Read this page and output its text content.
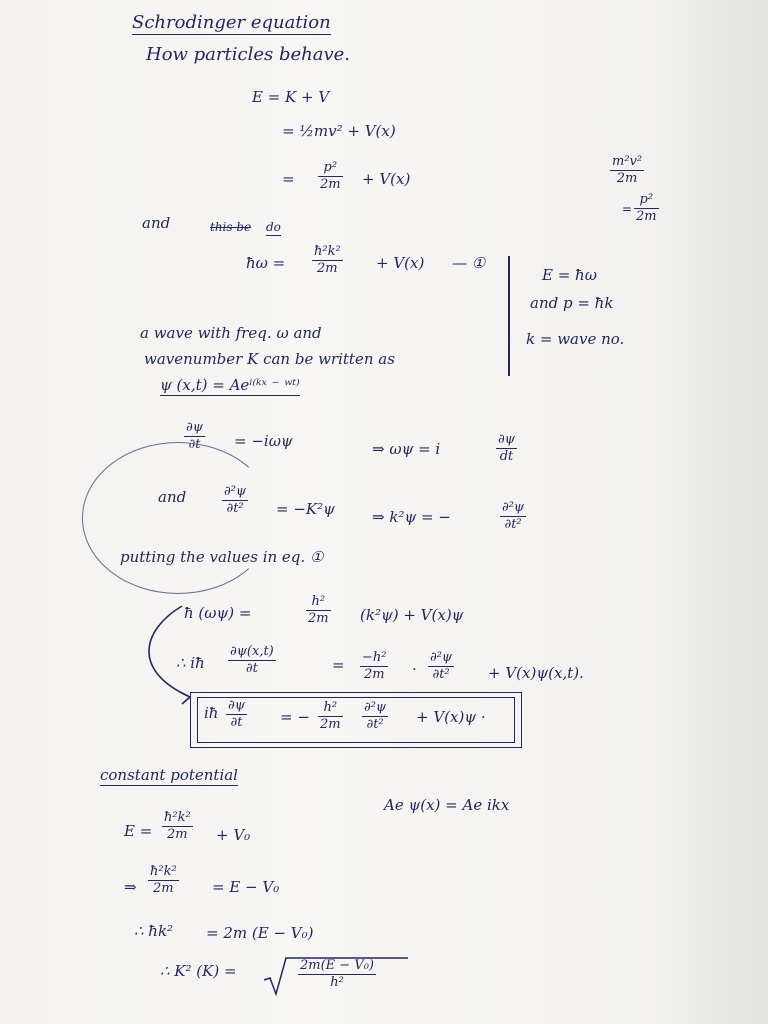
Schrodinger equation
How particles behave.
E = K + V
= ½mv² + V(x)
=
p²
2m + V(x)
m²v²
2m
=
p²
2m
and	this be do
ħω =
ħ²k²
2m	+ V(x) — ①
E = ħω
and p = ħk
k = wave no.
a wave with freq. ω and
wavenumber K can be written as
ψ (x,t) = Aeⁱ⁽ᵏˣ ⁻ ʷᵗ⁾
∂ψ
∂t = −iωψ	⇒ ωψ = i
∂ψ
dt
and	∂²ψ
∂t² = −K²ψ ⇒ k²ψ = −
∂²ψ
∂t²
putting the values in eq. ①
ħ (ωψ) =
h²
2m (k²ψ) + V(x)ψ
∴ iħ
∂ψ(x,t)
∂t	= −h²
2m ·
∂²ψ
∂t²	+ V(x)ψ(x,t).
iħ ∂ψ
∂t	= −
h²
2m
∂²ψ
∂t² + V(x)ψ ·
constant potential
Ae ψ(x) = Ae ikx
E =
ħ²k²
2m + V₀
⇒
ħ²k²
2m	= E − V₀
∴ ħk² = 2m (E − V₀)
∴ K² (K) =	2m(E − V₀)
h²
